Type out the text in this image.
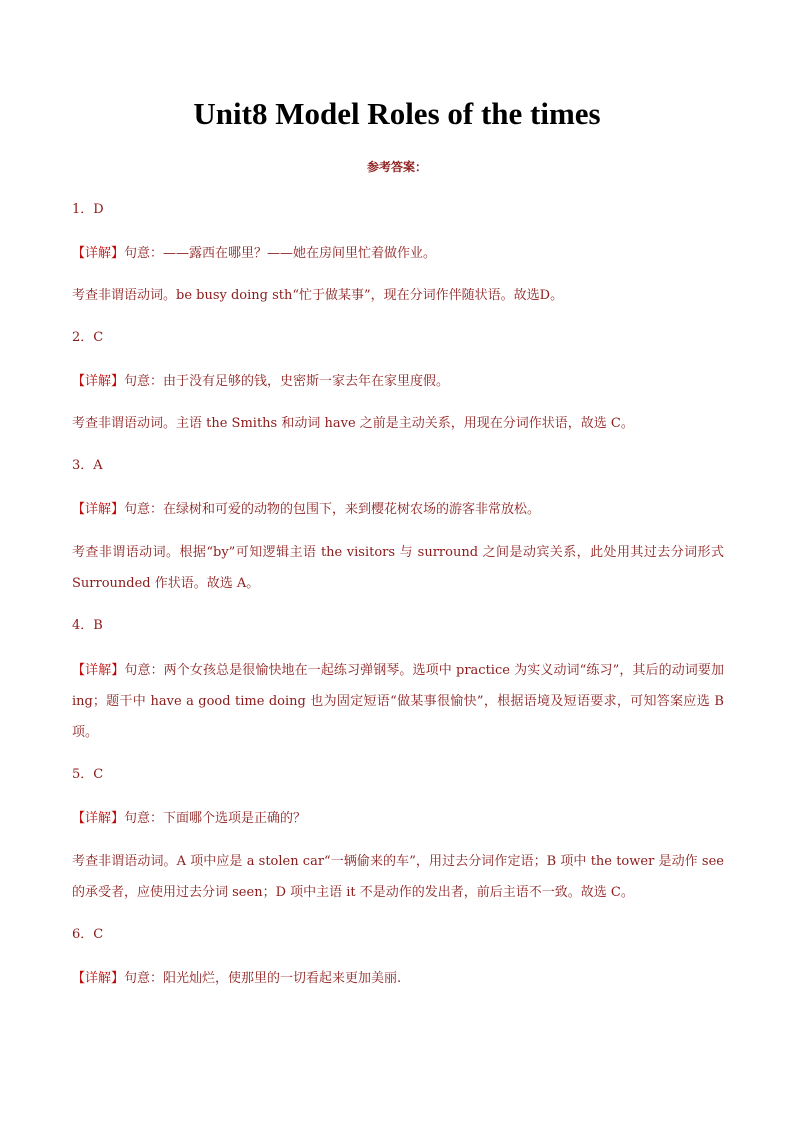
Unit8 Model Roles of the times
参考答案：
1．D
【详解】句意：——露西在哪里？——她在房间里忙着做作业。
考查非谓语动词。be busy doing sth“忙于做某事”，现在分词作伴随状语。故选D。
2．C
【详解】句意：由于没有足够的钱，史密斯一家去年在家里度假。
考查非谓语动词。主语 the Smiths 和动词 have 之前是主动关系，用现在分词作状语，故选 C。
3．A
【详解】句意：在绿树和可爱的动物的包围下，来到樱花树农场的游客非常放松。
考查非谓语动词。根据“by”可知逻辑主语 the visitors 与 surround 之间是动宾关系，此处用其过去分词形式 Surrounded 作状语。故选 A。
4．B
【详解】句意：两个女孩总是很愉快地在一起练习弹钢琴。选项中 practice 为实义动词“练习”，其后的动词要加 ing；题干中 have a good time doing 也为固定短语“做某事很愉快”，根据语境及短语要求，可知答案应选 B 项。
5．C
【详解】句意：下面哪个选项是正确的？
考查非谓语动词。A 项中应是 a stolen car“一辆偷来的车”，用过去分词作定语；B 项中 the tower 是动作 see 的承受者，应使用过去分词 seen；D 项中主语 it 不是动作的发出者，前后主语不一致。故选 C。
6．C
【详解】句意：阳光灿烂，使那里的一切看起来更加美丽.
